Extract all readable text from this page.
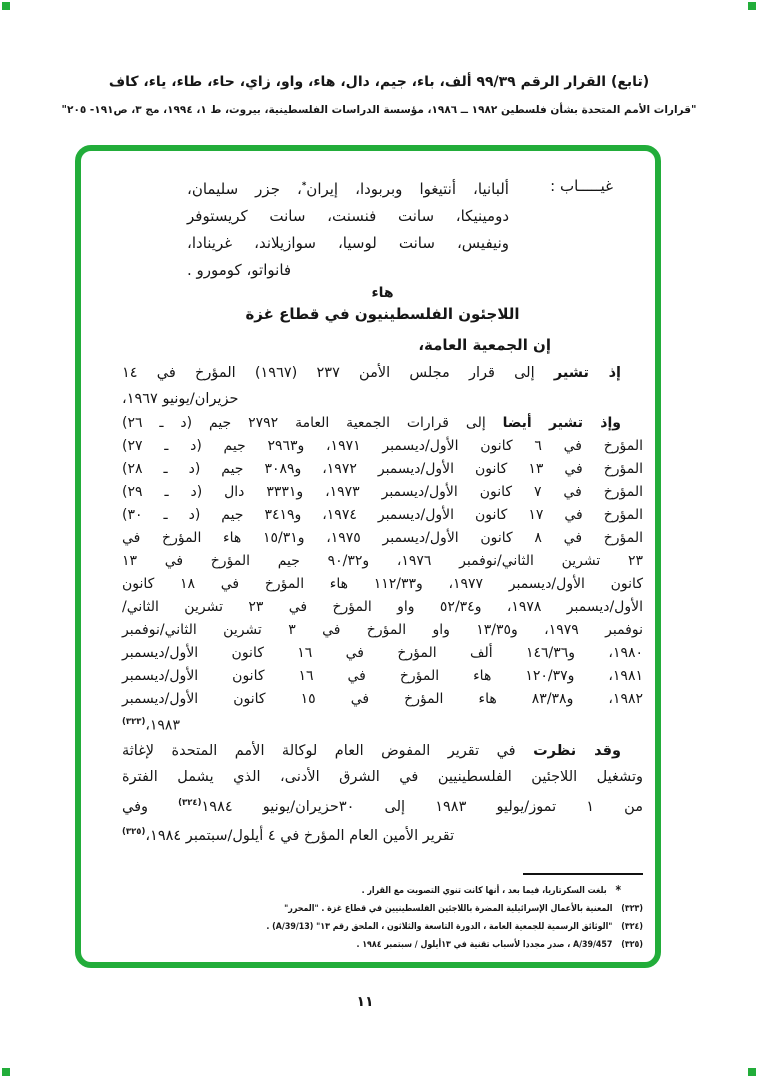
(تابع) القرار الرقم ٩٩/٣٩ ألف، باء، جيم، دال، هاء، واو، زاي، حاء، طاء، ياء، كاف
"قرارات الأمم المتحدة بشأن فلسطين ١٩٨٢ ــ ١٩٨٦، مؤسسة الدراسات الفلسطينية، بيروت، ط ١، ١٩٩٤، مج ٣، ص١٩١- ٢٠٥"
غيـــــاب :
ألبانيا، أنتيغوا وبربودا، إيران*، جزر سليمان،
دومينيكا، سانت فنسنت، سانت كريستوفر
ونيفيس، سانت لوسيا، سوازيلاند، غرينادا،
فانواتو، كومورو .
هاء
اللاجئون الفلسطينيون في قطاع غزة
إن الجمعية العامة،
إذ تشير إلى قرار مجلس الأمن ٢٣٧ (١٩٦٧) المؤرخ في ١٤
حزيران/يونيو ١٩٦٧،
وإذ تشير أيضا إلى قرارات الجمعية العامة ٢٧٩٢ جيم (د ـ ٢٦)
المؤرخ في ٦ كانون الأول/ديسمبر ١٩٧١، و٢٩٦٣ جيم (د ـ ٢٧)
المؤرخ في ١٣ كانون الأول/ديسمبر ١٩٧٢، و٣٠٨٩ جيم (د ـ ٢٨)
المؤرخ في ٧ كانون الأول/ديسمبر ١٩٧٣، و٣٣٣١ دال (د ـ ٢٩)
المؤرخ في ١٧ كانون الأول/ديسمبر ١٩٧٤، و٣٤١٩ جيم (د ـ ٣٠)
المؤرخ في ٨ كانون الأول/ديسمبر ١٩٧٥، و١٥/٣١ هاء المؤرخ في
٢٣ تشرين الثاني/نوفمبر ١٩٧٦، و٩٠/٣٢ جيم المؤرخ في ١٣
كانون الأول/ديسمبر ١٩٧٧، و١١٢/٣٣ هاء المؤرخ في ١٨ كانون
الأول/ديسمبر ١٩٧٨، و٥٢/٣٤ واو المؤرخ في ٢٣ تشرين الثاني/
نوفمبر ١٩٧٩، و١٣/٣٥ واو المؤرخ في ٣ تشرين الثاني/نوفمبر
١٩٨٠، و١٤٦/٣٦ ألف المؤرخ في ١٦ كانون الأول/ديسمبر
١٩٨١، و١٢٠/٣٧ هاء المؤرخ في ١٦ كانون الأول/ديسمبر
١٩٨٢، و٨٣/٣٨ هاء المؤرخ في ١٥ كانون الأول/ديسمبر
١٩٨٣،$^{(٣٢٣)}$
وقد نظرت في تقرير المفوض العام لوكالة الأمم المتحدة لإغاثة
وتشغيل اللاجئين الفلسطينيين في الشرق الأدنى، الذي يشمل الفترة
من ١ تموز/يوليو ١٩٨٣ إلى ٣٠حزيران/يونيو ١٩٨٤$^{(٣٢٤)}$ وفي
تقرير الأمين العام المؤرخ في ٤ أيلول/سبتمبر ١٩٨٤،$^{(٣٢٥)}$
*بلغت السكرتاريا، فيما بعد ، أنها كانت تنوي التصويت مع القرار .
(٣٢٣)المعنية بالأعمال الإسرائيلية المضرة باللاجئين الفلسطينيين في قطاع غزة . "المحرر"
(٣٢٤)"الوثائق الرسمية للجمعية العامة ، الدورة التاسعة والثلاثون ، الملحق رقم ١٣" (A/39/13) .
(٣٢٥)A/39/457 ، صدر مجددا لأسباب تقنية في ١٣أيلول / سبتمبر ١٩٨٤ .
١١
